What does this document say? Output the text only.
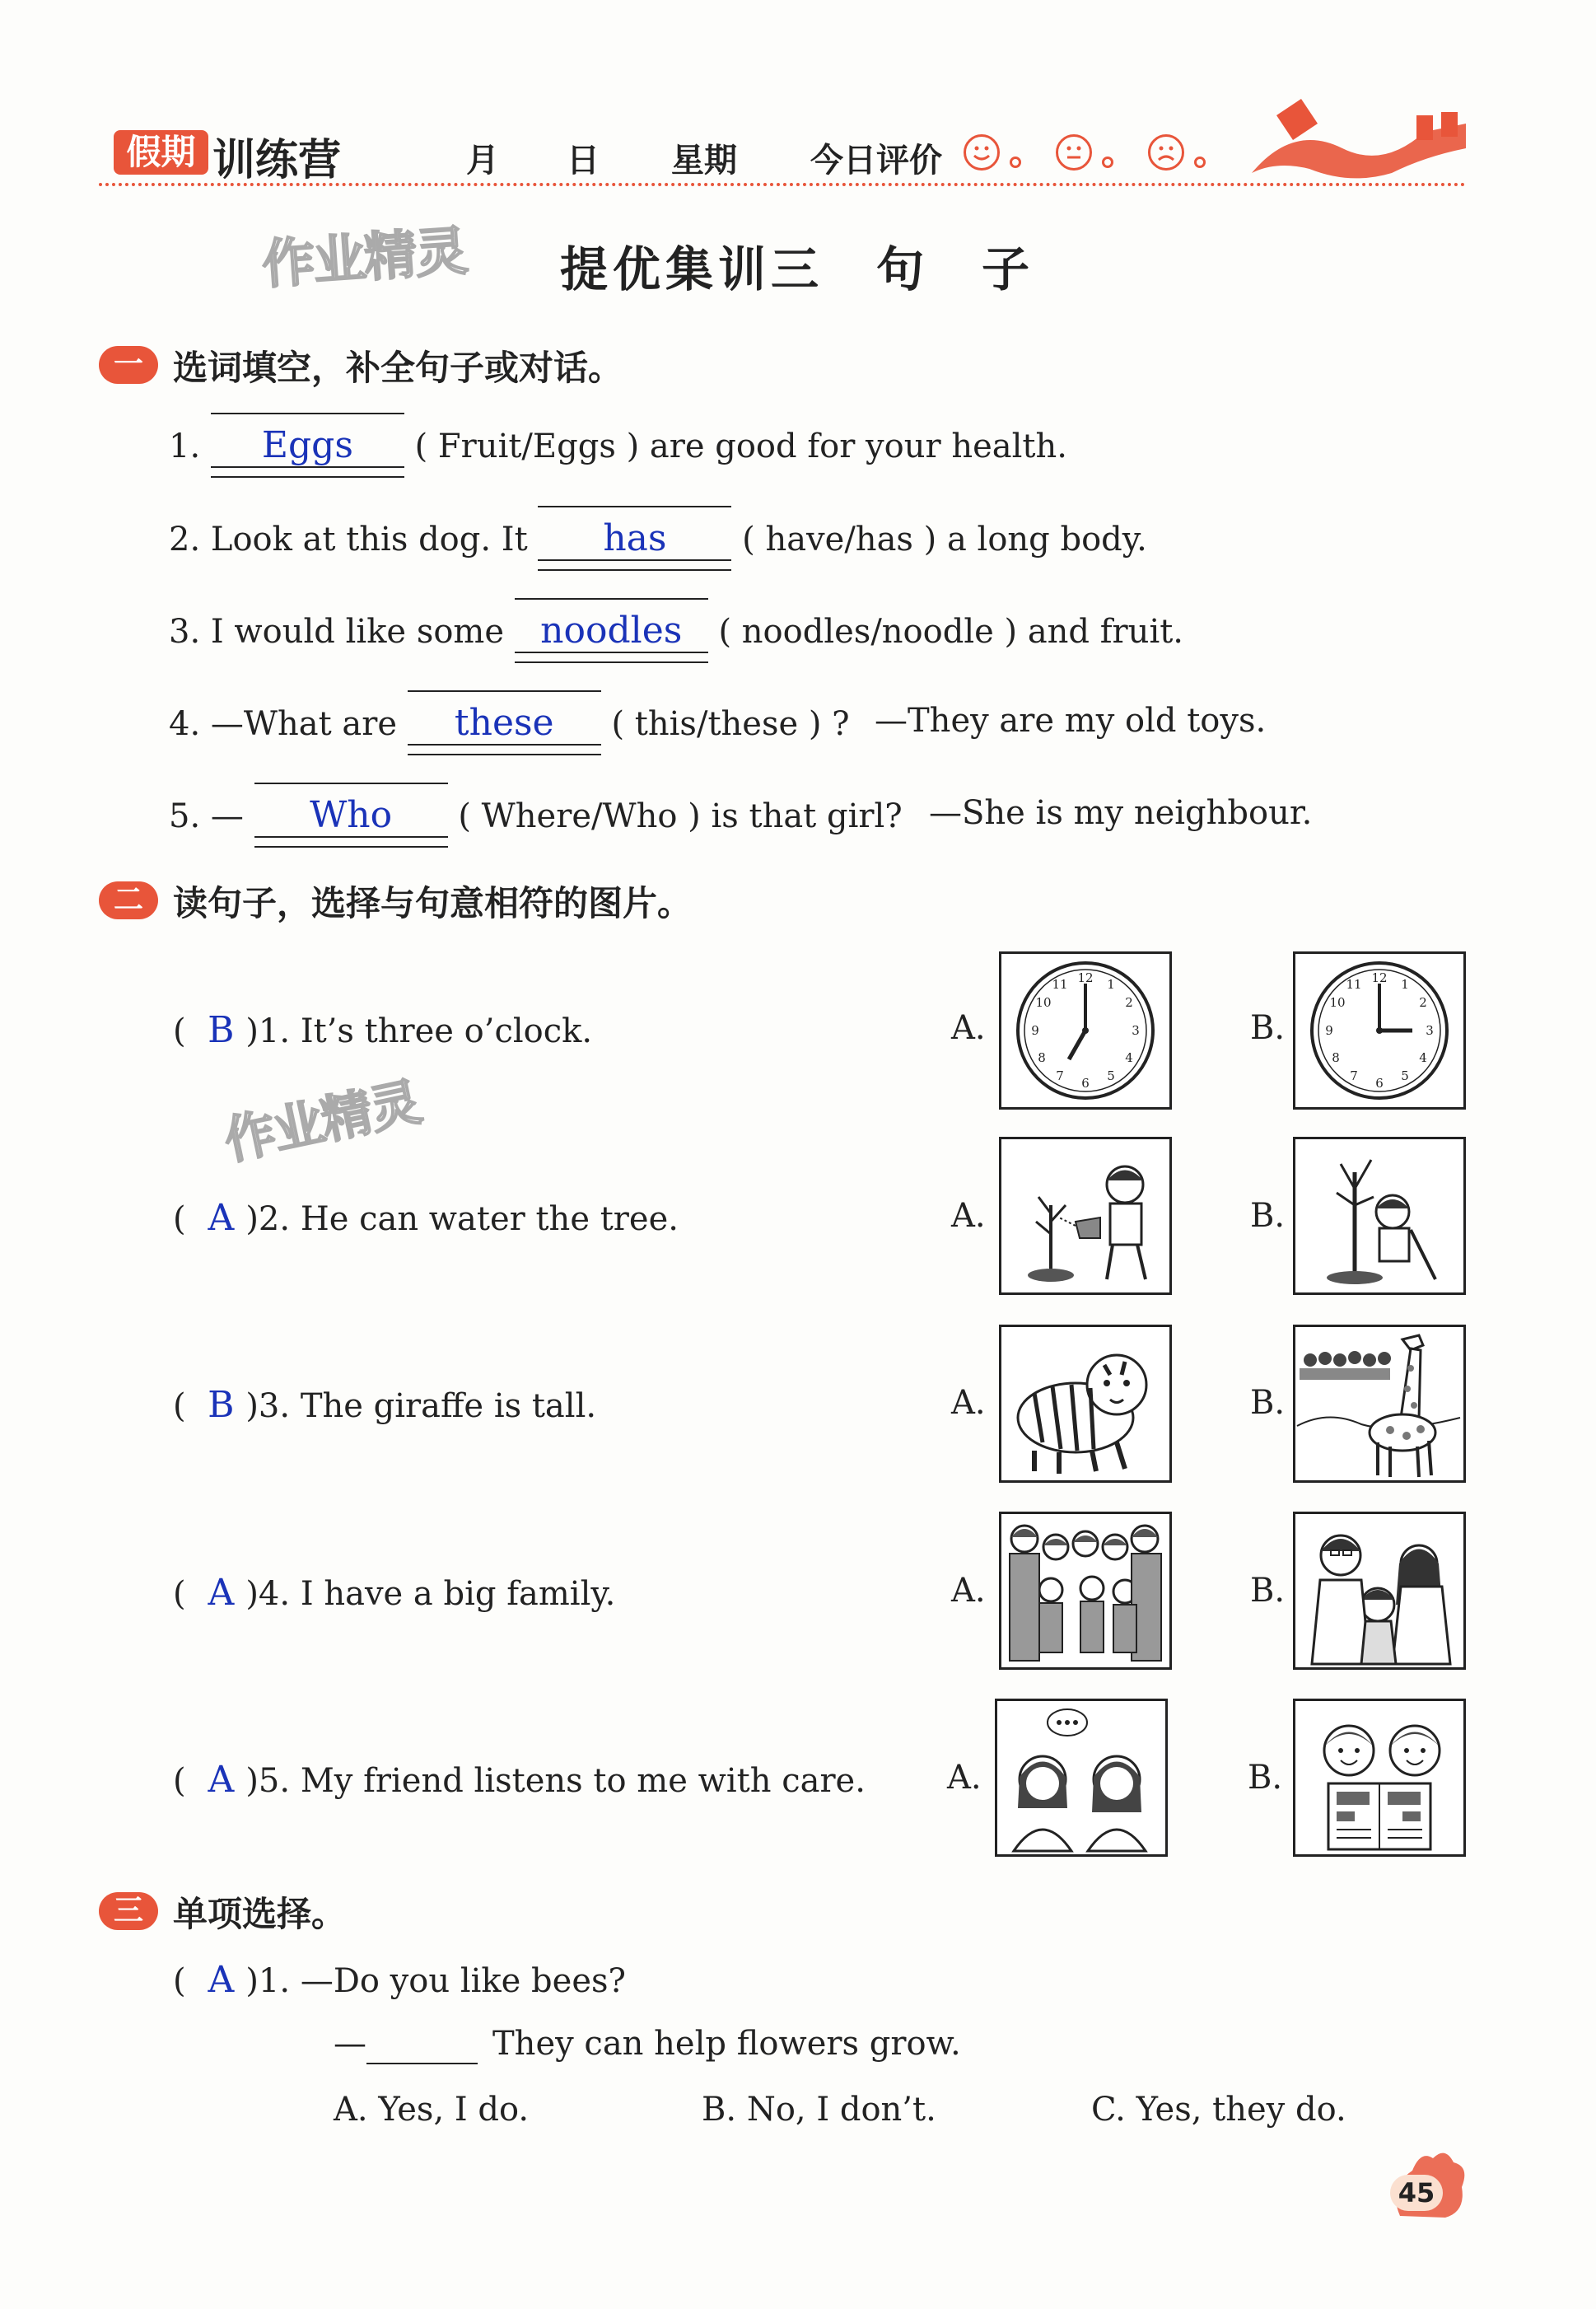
假期 训练营	月 日 星期 今日评价
作业精灵 提优集训三　句　子
一 选词填空，补全句子或对话。
1. Eggs ( Fruit/Eggs ) are good for your health.
2. Look at this dog. It has ( have/has ) a long body.
3. I would like some noodles ( noodles/noodle ) and fruit.
4. —What are these ( this/these ) ? —They are my old toys.
5. — Who ( Where/Who ) is that girl? —She is my neighbour.
二 读句子，选择与句意相符的图片。
作业精灵
( B )1. It’s three o’clock.	A.
12 1
2
3
4
5
6
7
8
9
10
11
B.
12 1
2
3
4
5
6
7
8
9
10
11
( A )2. He can water the tree.	A.	B.
( B )3. The giraffe is tall.	A.	B.
( A )4. I have a big family.	A.	B.
( A )5. My friend listens to me with care. A.	B.
三 单项选择。
( A )1. —Do you like bees?
—	They can help flowers grow.
A. Yes, I do.	B. No, I don’t.	C. Yes, they do.
45
